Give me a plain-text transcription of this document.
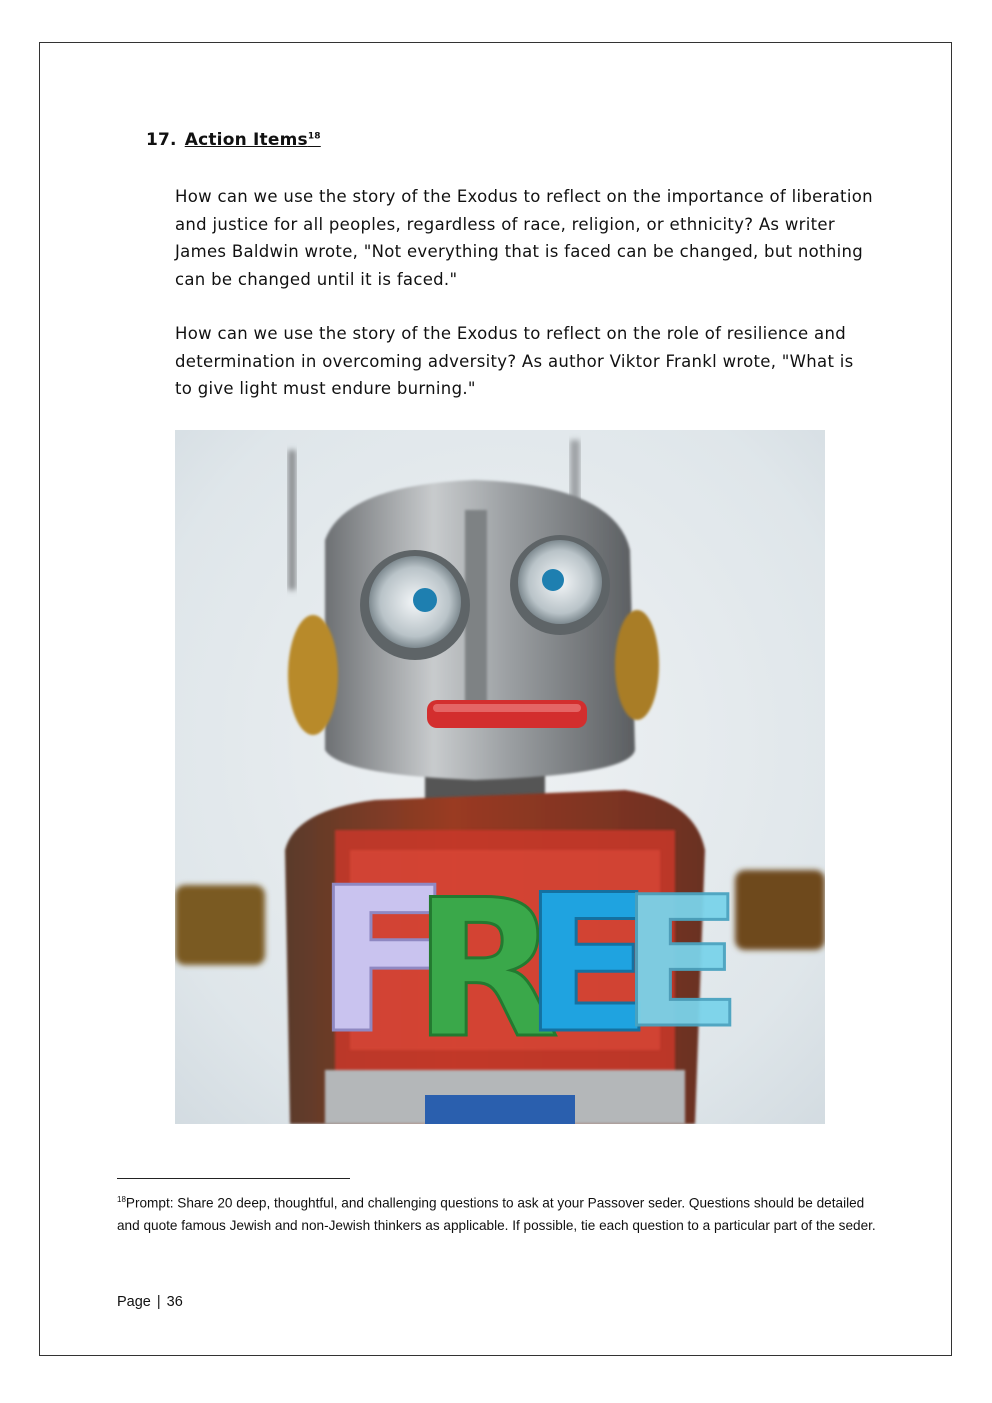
17. Action Items$^{18}$

How can we use the story of the Exodus to reflect on the importance of liberation and justice for all peoples, regardless of race, religion, or ethnicity? As writer James Baldwin wrote, "Not everything that is faced can be changed, but nothing can be changed until it is faced."

How can we use the story of the Exodus to reflect on the role of resilience and determination in overcoming adversity? As author Viktor Frankl wrote, "What is to give light must endure burning."

F
R
E
E

$^{18}$Prompt: Share 20 deep, thoughtful, and challenging questions to ask at your Passover seder. Questions should be detailed and quote famous Jewish and non-Jewish thinkers as applicable. If possible, tie each question to a particular part of the seder.

Page | 36
